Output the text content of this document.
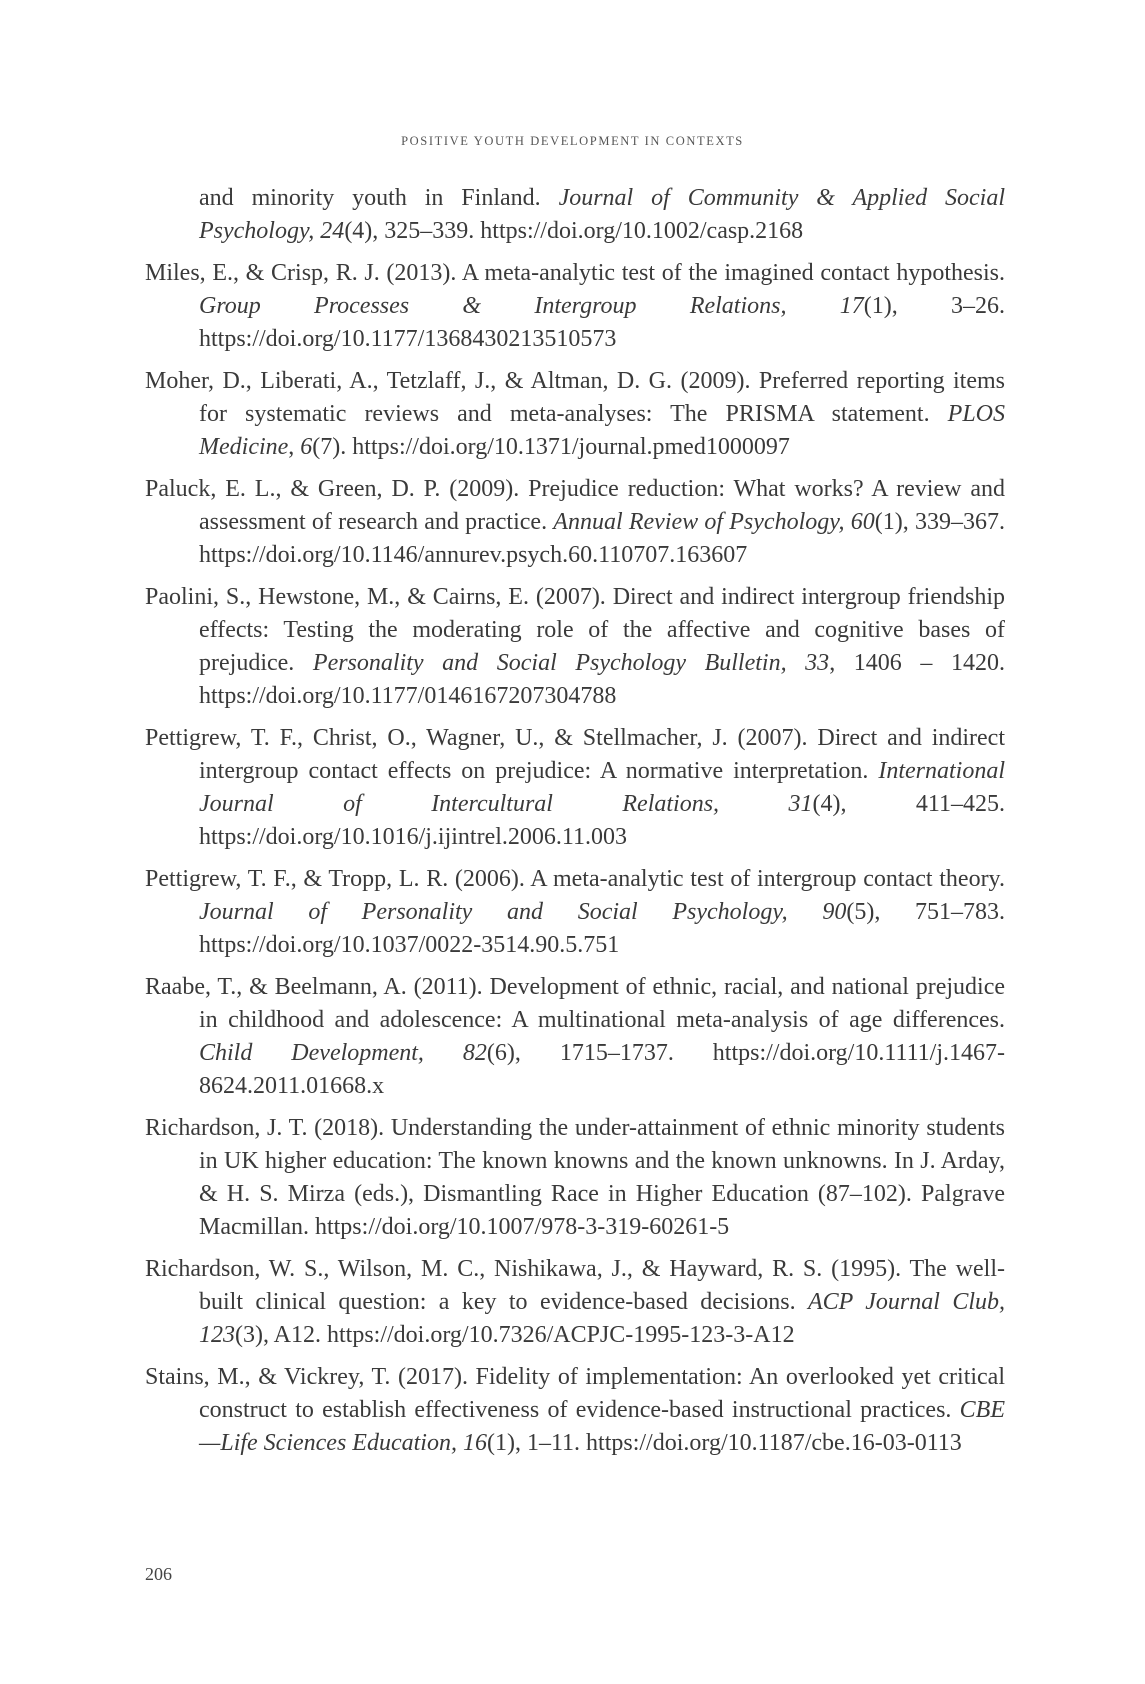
POSITIVE YOUTH DEVELOPMENT IN CONTEXTS

and minority youth in Finland. Journal of Community & Applied Social Psychology, 24(4), 325–339. https://doi.org/10.1002/casp.2168

Miles, E., & Crisp, R. J. (2013). A meta-analytic test of the imagined contact hypothesis. Group Processes & Intergroup Relations, 17(1), 3–26. https://doi.org/10.1177/1368430213510573

Moher, D., Liberati, A., Tetzlaff, J., & Altman, D. G. (2009). Preferred reporting items for systematic reviews and meta-analyses: The PRISMA statement. PLOS Medicine, 6(7). https://doi.org/10.1371/journal.pmed1000097

Paluck, E. L., & Green, D. P. (2009). Prejudice reduction: What works? A review and assessment of research and practice. Annual Review of Psychology, 60(1), 339–367. https://doi.org/10.1146/annurev.psych.60.110707.163607

Paolini, S., Hewstone, M., & Cairns, E. (2007). Direct and indirect intergroup friendship effects: Testing the moderating role of the affective and cognitive bases of prejudice. Personality and Social Psychology Bulletin, 33, 1406 – 1420. https://doi.org/10.1177/0146167207304788

Pettigrew, T. F., Christ, O., Wagner, U., & Stellmacher, J. (2007). Direct and indirect intergroup contact effects on prejudice: A normative interpretation. International Journal of Intercultural Relations, 31(4), 411–425. https://doi.org/10.1016/j.ijintrel.2006.11.003

Pettigrew, T. F., & Tropp, L. R. (2006). A meta-analytic test of intergroup contact theory. Journal of Personality and Social Psychology, 90(5), 751–783. https://doi.org/10.1037/0022-3514.90.5.751

Raabe, T., & Beelmann, A. (2011). Development of ethnic, racial, and national prejudice in childhood and adolescence: A multinational meta-analysis of age differences. Child Development, 82(6), 1715–1737. https://doi.org/10.1111/j.1467-8624.2011.01668.x

Richardson, J. T. (2018). Understanding the under-attainment of ethnic minority students in UK higher education: The known knowns and the known unknowns. In J. Arday, & H. S. Mirza (eds.), Dismantling Race in Higher Education (87–102). Palgrave Macmillan. https://doi.org/10.1007/978-3-319-60261-5

Richardson, W. S., Wilson, M. C., Nishikawa, J., & Hayward, R. S. (1995). The well-built clinical question: a key to evidence-based decisions. ACP Journal Club, 123(3), A12. https://doi.org/10.7326/ACPJC-1995-123-3-A12

Stains, M., & Vickrey, T. (2017). Fidelity of implementation: An overlooked yet critical construct to establish effectiveness of evidence-based instructional practices. CBE—Life Sciences Education, 16(1), 1–11. https://doi.org/10.1187/cbe.16-03-0113

206
